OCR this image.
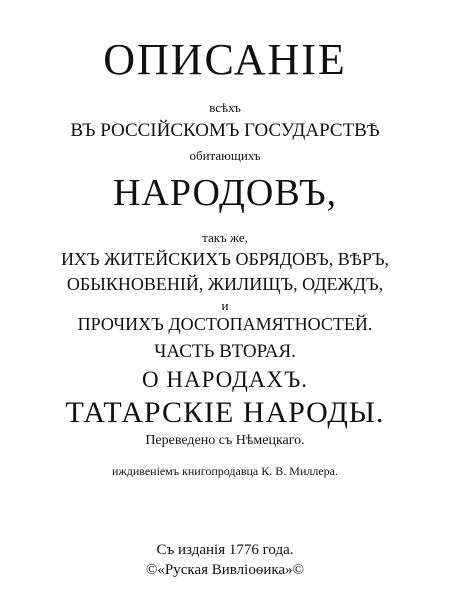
ОПИСАНІЕ
всѣхъ
ВЪ РОССІЙСКОМЪ ГОСУДАРСТВѢ
обитающихъ
НАРОДОВЪ,
такъ же,
ИХЪ ЖИТЕЙСКИХЪ ОБРЯДОВЪ, ВѢРЪ,
ОБЫКНОВЕНІЙ, ЖИЛИЩЪ, ОДЕЖДЪ,
и
ПРОЧИХЪ ДОСТОПАМЯТНОСТЕЙ.
ЧАСТЬ ВТОРАЯ.
О НАРОДАХЪ.
ТАТАРСКІЕ НАРОДЫ.
Переведено съ Нѣмецкаго.
иждивеніемъ книгопродавца К. В. Миллера.
Съ изданія 1776 года.
©«Руская Вивліоѳика»©
